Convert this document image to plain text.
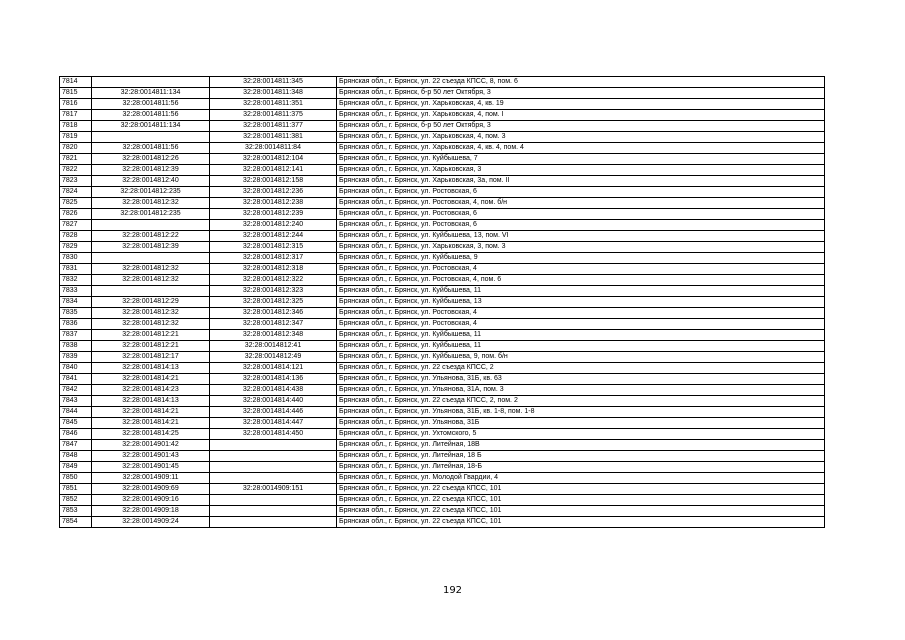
7814		32:28:0014811:345	Брянская обл., г. Брянск, ул. 22 съезда КПСС, 8, пом. 6
7815	32:28:0014811:134	32:28:0014811:348	Брянская обл., г. Брянск, б-р 50 лет Октября, 3
7816	32:28:0014811:56	32:28:0014811:351	Брянская обл., г. Брянск, ул. Харьковская, 4, кв. 19
7817	32:28:0014811:56	32:28:0014811:375	Брянская обл., г. Брянск, ул. Харьковская, 4, пом. I
7818	32:28:0014811:134	32:28:0014811:377	Брянская обл., г. Брянск, б-р 50 лет Октября, 3
7819		32:28:0014811:381	Брянская обл., г. Брянск, ул. Харьковская, 4, пом. 3
7820	32:28:0014811:56	32:28:0014811:84	Брянская обл., г. Брянск, ул. Харьковская, 4, кв. 4, пом. 4
7821	32:28:0014812:26	32:28:0014812:104	Брянская обл., г. Брянск, ул. Куйбышева, 7
7822	32:28:0014812:39	32:28:0014812:141	Брянская обл., г. Брянск, ул. Харьковская, 3
7823	32:28:0014812:40	32:28:0014812:158	Брянская обл., г. Брянск, ул. Харьковская, 3а, пом. II
7824	32:28:0014812:235	32:28:0014812:236	Брянская обл., г. Брянск, ул. Ростовская, 6
7825	32:28:0014812:32	32:28:0014812:238	Брянская обл., г. Брянск, ул. Ростовская, 4, пом. б/н
7826	32:28:0014812:235	32:28:0014812:239	Брянская обл., г. Брянск, ул. Ростовская, 6
7827		32:28:0014812:240	Брянская обл., г. Брянск, ул. Ростовская, 6
7828	32:28:0014812:22	32:28:0014812:244	Брянская обл., г. Брянск, ул. Куйбышева, 13, пом. VI
7829	32:28:0014812:39	32:28:0014812:315	Брянская обл., г. Брянск, ул. Харьковская, 3, пом. 3
7830		32:28:0014812:317	Брянская обл., г. Брянск, ул. Куйбышева, 9
7831	32:28:0014812:32	32:28:0014812:318	Брянская обл., г. Брянск, ул. Ростовская, 4
7832	32:28:0014812:32	32:28:0014812:322	Брянская обл., г. Брянск, ул. Ростовская, 4, пом. 6
7833		32:28:0014812:323	Брянская обл., г. Брянск, ул. Куйбышева, 11
7834	32:28:0014812:29	32:28:0014812:325	Брянская обл., г. Брянск, ул. Куйбышева, 13
7835	32:28:0014812:32	32:28:0014812:346	Брянская обл., г. Брянск, ул. Ростовская, 4
7836	32:28:0014812:32	32:28:0014812:347	Брянская обл., г. Брянск, ул. Ростовская, 4
7837	32:28:0014812:21	32:28:0014812:348	Брянская обл., г. Брянск, ул. Куйбышева, 11
7838	32:28:0014812:21	32:28:0014812:41	Брянская обл., г. Брянск, ул. Куйбышева, 11
7839	32:28:0014812:17	32:28:0014812:49	Брянская обл., г. Брянск, ул. Куйбышева, 9, пом. б/н
7840	32:28:0014814:13	32:28:0014814:121	Брянская обл., г. Брянск, ул. 22 съезда КПСС, 2
7841	32:28:0014814:21	32:28:0014814:136	Брянская обл., г. Брянск, ул. Ульянова, 31Б, кв. 63
7842	32:28:0014814:23	32:28:0014814:438	Брянская обл., г. Брянск, ул. Ульянова, 31А, пом. 3
7843	32:28:0014814:13	32:28:0014814:440	Брянская обл., г. Брянск, ул. 22 съезда КПСС, 2, пом. 2
7844	32:28:0014814:21	32:28:0014814:446	Брянская обл., г. Брянск, ул. Ульянова, 31Б, кв. 1-8, пом. 1-8
7845	32:28:0014814:21	32:28:0014814:447	Брянская обл., г. Брянск, ул. Ульянова, 31Б
7846	32:28:0014814:25	32:28:0014814:450	Брянская обл., г. Брянск, ул. Ухтомского, 5
7847	32:28:0014901:42		Брянская обл., г. Брянск, ул. Литейная, 18В
7848	32:28:0014901:43		Брянская обл., г. Брянск, ул. Литейная, 18 Б
7849	32:28:0014901:45		Брянская обл., г. Брянск, ул. Литейная, 18-Б
7850	32:28:0014909:11		Брянская обл., г. Брянск, ул. Молодой Гвардии, 4
7851	32:28:0014909:69	32:28:0014909:151	Брянская обл., г. Брянск, ул. 22 съезда КПСС, 101
7852	32:28:0014909:16		Брянская обл., г. Брянск, ул. 22 съезда КПСС, 101
7853	32:28:0014909:18		Брянская обл., г. Брянск, ул. 22 съезда КПСС, 101
7854	32:28:0014909:24		Брянская обл., г. Брянск, ул. 22 съезда КПСС, 101
192
